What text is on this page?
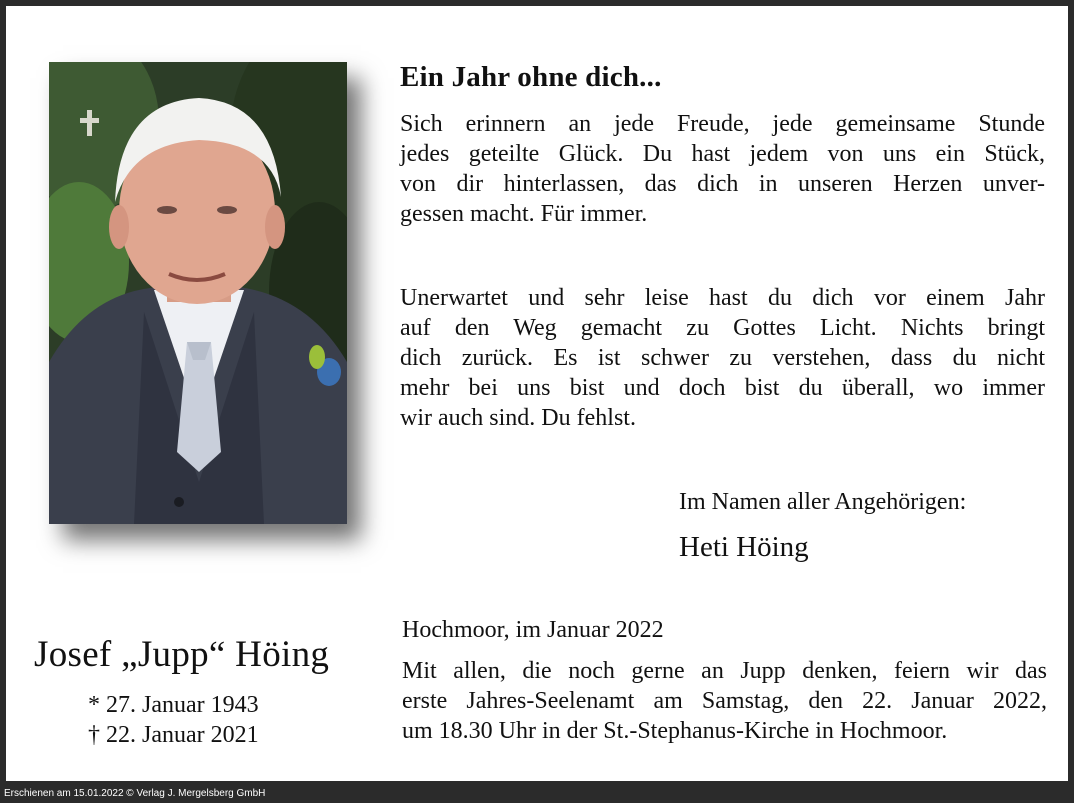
Ein Jahr ohne dich...
Sich erinnern an jede Freude, jede gemeinsame Stunde
jedes geteilte Glück. Du hast jedem von uns ein Stück,
von dir hinterlassen, das dich in unseren Herzen unver-
gessen macht. Für immer.
Unerwartet und sehr leise hast du dich vor einem Jahr
auf den Weg gemacht zu Gottes Licht. Nichts bringt
dich zurück. Es ist schwer zu verstehen, dass du nicht
mehr bei uns bist und doch bist du überall, wo immer
wir auch sind. Du fehlst.
Im Namen aller Angehörigen:
Heti Höing
Hochmoor, im Januar 2022
Mit allen, die noch gerne an Jupp denken, feiern wir das
erste Jahres-Seelenamt am Samstag, den 22. Januar 2022,
um 18.30 Uhr in der St.-Stephanus-Kirche in Hochmoor.
Josef „Jupp“ Höing
* 27. Januar 1943
† 22. Januar 2021
Erschienen am 15.01.2022 © Verlag J. Mergelsberg GmbH
